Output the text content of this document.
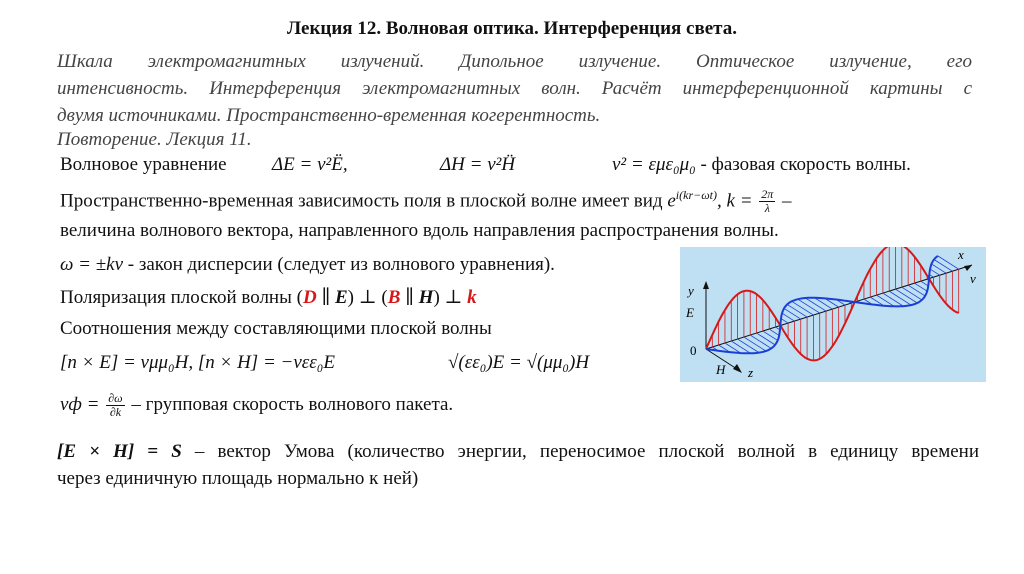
Лекция 12. Волновая оптика. Интерференция света.
Шкала электромагнитных излучений. Дипольное излучение. Оптическое излучение, его
интенсивность. Интерференция электромагнитных волн. Расчёт интерференционной картины с
двумя источниками. Пространственно-временная когерентность.
Повторение. Лекция 11.
Волновое уравнение ΔE = v²Ë,	ΔH = v²Ḧ	v² = εμε₀μ₀ - фазовая скорость волны.
Пространственно-временная зависимость поля в плоской волне имеет вид $e^{i(kr-\omega t)}$, $k = \frac{2\pi}{\lambda}$ –
величина волнового вектора, направленного вдоль направления распространения волны.
ω = ±kv - закон дисперсии (следует из волнового уравнения).
Поляризация плоской волны (D ∥ E) ⊥ (B ∥ H) ⊥ k
Соотношения между составляющими плоской волны
[n × E] = νμμ₀H, [n × H] = −νεε₀E	√(εε₀)E = √(μμ₀)H
vф = $\frac{\partial\omega}{\partial k}$ – групповая скорость волнового пакета.
[E × H] = S – вектор Умова (количество энергии, переносимое плоской волной в единицу времени
через единичную площадь нормально к ней)
x
v
y
E
0
H z
